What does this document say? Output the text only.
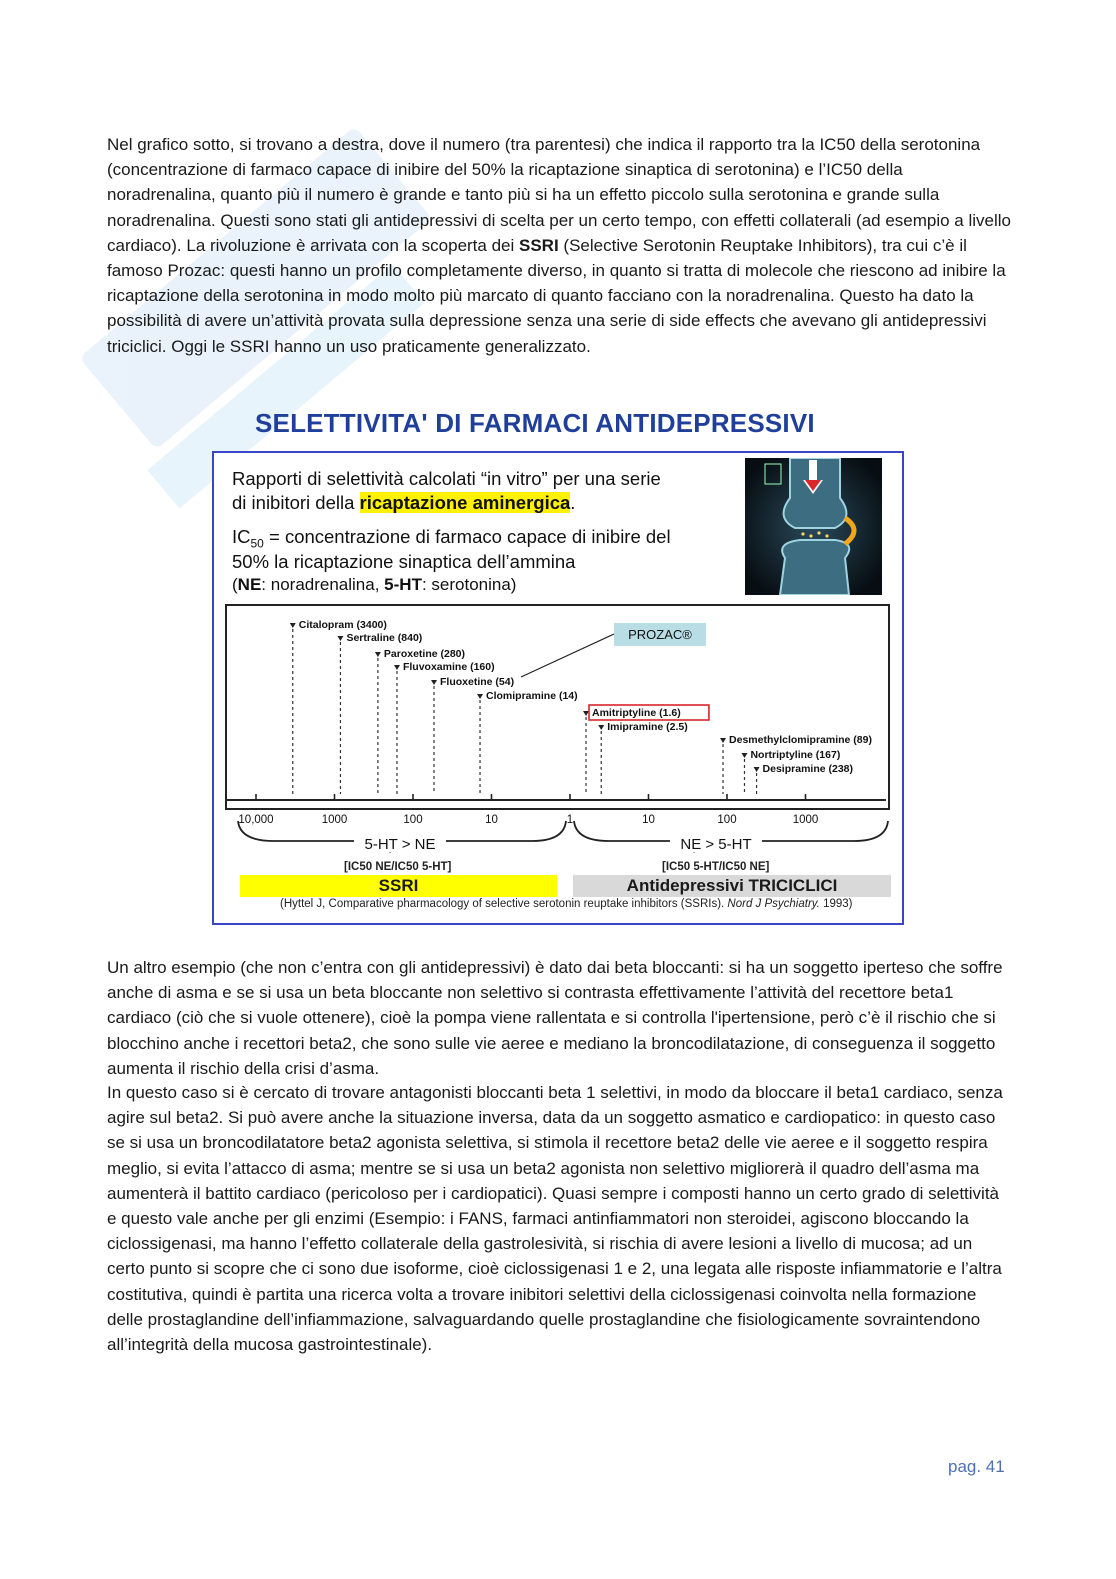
Nel grafico sotto, si trovano a destra, dove il numero (tra parentesi) che indica il rapporto tra la IC50 della serotonina (concentrazione di farmaco capace di inibire del 50% la ricaptazione sinaptica di serotonina) e l’IC50 della noradrenalina, quanto più il numero è grande e tanto più si ha un effetto piccolo sulla serotonina e grande sulla noradrenalina. Questi sono stati gli antidepressivi di scelta per un certo tempo, con effetti collaterali (ad esempio a livello cardiaco). La rivoluzione è arrivata con la scoperta dei SSRI (Selective Serotonin Reuptake Inhibitors), tra cui c’è il famoso Prozac: questi hanno un profilo completamente diverso, in quanto si tratta di molecole che riescono ad inibire la ricaptazione della serotonina in modo molto più marcato di quanto facciano con la noradrenalina. Questo ha dato la possibilità di avere un’attività provata sulla depressione senza una serie di side effects che avevano gli antidepressivi triciclici. Oggi le SSRI hanno un uso praticamente generalizzato.

SELETTIVITA' DI FARMACI ANTIDEPRESSIVI

Rapporti di selettività calcolati “in vitro” per una serie

di inibitori della ricaptazione aminergica.

$IC_{50}$ = concentrazione di farmaco capace di inibire del

50% la ricaptazione sinaptica dell’ammina

(NE: noradrenalina, 5-HT: serotonina)

10,000	1000	100	10	1	10	100	1000
Citalopram (3400)
Sertraline (840)
Paroxetine (280)
Fluvoxamine (160)
Fluoxetine (54)
Clomipramine (14)
Amitriptyline (1.6)
Imipramine (2.5)
Desmethylclomipramine (89)
Nortriptyline (167)
Desipramine (238)
PROZAC®
5-HT > NE	NE > 5-HT
[IC50 NE/IC50 5-HT]	[IC50 5-HT/IC50 NE]
SSRI	Antidepressivi TRICICLICI

(Hyttel J, Comparative pharmacology of selective serotonin reuptake inhibitors (SSRIs). Nord J Psychiatry. 1993)

Un altro esempio (che non c’entra con gli antidepressivi) è dato dai beta bloccanti: si ha un soggetto iperteso che soffre anche di asma e se si usa un beta bloccante non selettivo si contrasta effettivamente l’attività del recettore beta1 cardiaco (ciò che si vuole ottenere), cioè la pompa viene rallentata e si controlla l'ipertensione, però c’è il rischio che si blocchino anche i recettori beta2, che sono sulle vie aeree e mediano la broncodilatazione, di conseguenza il soggetto aumenta il rischio della crisi d’asma.

In questo caso si è cercato di trovare antagonisti bloccanti beta 1 selettivi, in modo da bloccare il beta1 cardiaco, senza agire sul beta2. Si può avere anche la situazione inversa, data da un soggetto asmatico e cardiopatico: in questo caso se si usa un broncodilatatore beta2 agonista selettiva, si stimola il recettore beta2 delle vie aeree e il soggetto respira meglio, si evita l’attacco di asma; mentre se si usa un beta2 agonista non selettivo migliorerà il quadro dell’asma ma aumenterà il battito cardiaco (pericoloso per i cardiopatici). Quasi sempre i composti hanno un certo grado di selettività e questo vale anche per gli enzimi (Esempio: i FANS, farmaci antinfiammatori non steroidei, agiscono bloccando la ciclossigenasi, ma hanno l’effetto collaterale della gastrolesività, si rischia di avere lesioni a livello di mucosa; ad un certo punto si scopre che ci sono due isoforme, cioè ciclossigenasi 1 e 2, una legata alle risposte infiammatorie e l’altra costitutiva, quindi è partita una ricerca volta a trovare inibitori selettivi della ciclossigenasi coinvolta nella formazione delle prostaglandine dell’infiammazione, salvaguardando quelle prostaglandine che fisiologicamente sovraintendono all’integrità della mucosa gastrointestinale).

pag. 41
